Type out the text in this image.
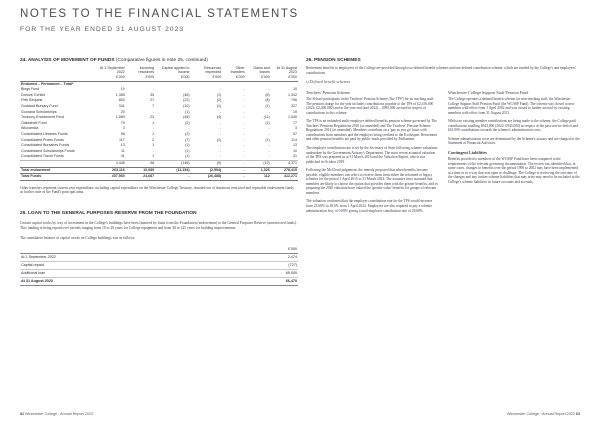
NOTES TO THE FINANCIAL STATEMENTS
FOR THE YEAR ENDED 31 AUGUST 2023
24. ANALYSIS OF MOVEMENT OF FUNDS (Comparative figures in note 25, continued)
	At 1 September 2022	Incoming resources	Capital applied to income	Resources expended	Other transfers	Gains and losses	At 31 August 2023
	£'000	£'000	£'000	£'000	£'000	£'000	£'000
Endowed – Permanent – Total*							
Bings Fund	10	-	-	-	-	-	10
Donors' Exhibit	1,385	35	(48)	(1)	-	(8)	1,342
Firth Bequest	803	27	(22)	(2)	-	(8)	796
Goddard Bursary Fund	341	7	(10)	(1)	-	(1)	327
Gourand Scholarships	20	-	(1)	-	-	-	19
Treasury Endowment Fund	1,580	23	(48)	(4)	-	(11)	1,540
Oakeshott Fund	79	1	(2)	-	-	(1)	77
Wiccamica	3	-	-	-	-	-	3
Consolidated Libraries Funds	58	1	(2)	-	-	-	57
Consolidated Prizes Funds	117	2	(7)	(1)	-	(1)	114
Consolidated Bursaries Funds	13	1	(1)	-	-	-	13
Consolidated Scholarships Funds	11	-	(1)	-	-	-	10
Consolidated Travel Funds	41	1	(1)	-	-	-	41
	4,445	98	(146)	(9)	-	(19)	4,371
Total endowment	263,116	10,089	(11,154)	(2,594)	-	1,026	278,415
Total Funds	407,960	24,687	-	(26,488)	-	112	412,271
Other transfers represent current year expenditure, including capital expenditure on the Winchester College Treasury, donated out of donations restricted and repayable endowment funds, as further note of the Fund's principal aims.
25. LOAN TO THE GENERAL PURPOSES RESERVE FROM THE FOUNDATION
Certain capital works by way of investment in the College's buildings have been financed by loans from the Foundation (endowment) to the General Purposes Reserve (unrestricted funds). This funding is being repaid over periods ranging from 10 to 20 years for College equipment and from 30 to 125 years for building improvements.
The cumulative balance of capital works on College buildings was as follows:
	£'000
At 1 September 2022	2,474
Capital repaid	(727)
Additional loan	65,000
At 31 August 2023	66,470
26. PENSION SCHEMES
Retirement benefits to employees of the College are provided through two defined benefit schemes and one defined contribution scheme, which are funded by the College's and employees' contributions.
i) Defined benefit schemes
Teachers' Pension Scheme
The School participates in the Teachers' Pension Scheme ('the TPS') for its teaching staff. The pension charge for the year includes contributions payable to the TPS of £2,156,000 (2022: £2,400,000) and at the year end (and 2022) – £985,000 accrued in respect of contributions to this scheme.
The TPS is an unfunded multi-employer defined benefits pension scheme governed by The Teachers' Pensions Regulations 2010 (as amended) and The Teachers' Pension Scheme Regulations 2014 (as amended). Members contribute on a 'pay as you go' basis with contributions from members and the employer being credited to the Exchequer. Retirement and other pension benefits are paid by public funds provided by Parliament.
The employer contribution rate is set by the Secretary of State following scheme valuations undertaken by the Government Actuary's Department. The most recent actuarial valuation of the TPS was prepared as at 31 March 2016 and the Valuation Report, which was published in October 2019.
Following the McCloud judgement, the remedy proposed that when benefits become payable, eligible members can select to receive them from either the reformed or legacy schemes for the period 1 April 2015 to 31 March 2022. The actuaries have assumed that members are likely to choose the option that provides them with the greater benefits, and in preparing the 2020 valuation have valued the 'greater value' benefits for groups of relevant members.
The valuation confirmed that the employer contribution rate for the TPS would increase from 23.68% to 28.6% from 1 April 2024. Employers are also required to pay a scheme administration levy of 0.08% giving a total employer contribution rate of 28.68%.
Winchester College Support Staff Pension Fund
The College operates a defined benefit scheme for non-teaching staff, the Winchester College Support Staff Pension Fund (the WCSSP Fund). The scheme was closed to new members with effect from 1 April 2002 and was closed to further accrual by existing members with effect from 31 August 2013.
Whilst no existing member contributions are being made to the scheme, the College paid contributions totalling £943,000 (2022: £943,000) in respect of the past service deficit and £61,000 contributions towards the scheme's administration costs.
Scheme administration costs are determined by the Scheme's actuary and are charged to the Statement of Financial Activities.
Contingent Liabilities
Benefits provided to members of the WCSSP Fund have been compared to the requirements of the relevant governing documentation. The review has identified that, in some cases, changes to benefits over the period 1990 to 2002 may have been implemented at a time or in a way that was open to challenge. The College is reviewing the outcome of the changes and any further scheme liabilities that may arise may need to be included in the College's scheme liabilities in future accounts and accruals.
82 Winchester College · Annual Report 2023	Winchester College · Annual Report 2023 83
